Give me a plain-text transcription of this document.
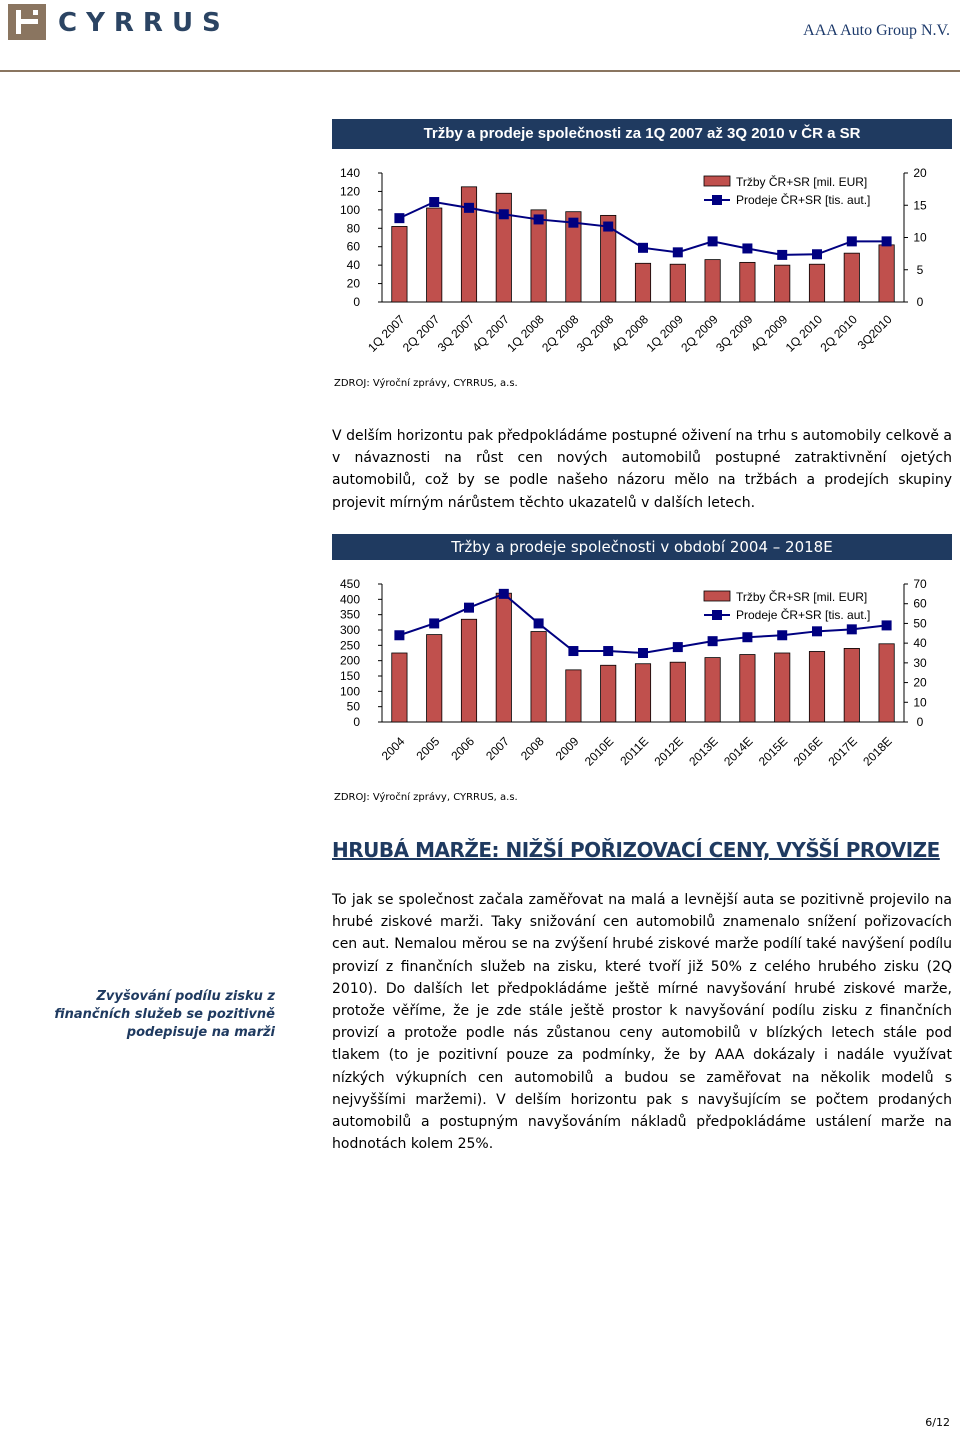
CYRRUS	AAA Auto Group N.V.
Tržby a prodeje společnosti za 1Q 2007 až 3Q 2010 v ČR a SR
0
20
40
60
80
100
120
140
0
5
10
15
20
1Q 2007
2Q 2007
3Q 2007
4Q 2007
1Q 2008
2Q 2008
3Q 2008
4Q 2008
1Q 2009
2Q 2009
3Q 2009
4Q 2009
1Q 2010
2Q 2010
3Q2010
Tržby ČR+SR [mil. EUR]
Prodeje ČR+SR [tis. aut.]
ZDROJ: Výroční zprávy, CYRRUS, a.s.
V delším horizontu pak předpokládáme postupné oživení na trhu s automobily celkově a v návaznosti na růst cen nových automobilů postupné zatraktivnění ojetých automobilů, což by se podle našeho názoru mělo na tržbách a prodejích skupiny projevit mírným nárůstem těchto ukazatelů v dalších letech.
Tržby a prodeje společnosti v období 2004 – 2018E
0
50
100
150
200
250
300
350
400
450
0
10
20
30
40
50
60
70
2004 2005 2006 2007 2008 2009 2010E 2011E 2012E 2013E 2014E 2015E 2016E 2017E 2018E
Tržby ČR+SR [mil. EUR]
Prodeje ČR+SR [tis. aut.]
ZDROJ: Výroční zprávy, CYRRUS, a.s.
HRUBÁ MARŽE: NIŽŠÍ POŘIZOVACÍ CENY, VYŠŠÍ PROVIZE
Zvyšování podílu zisku z finančních služeb se pozitivně podepisuje na marži
To jak se společnost začala zaměřovat na malá a levnější auta se pozitivně projevilo na hrubé ziskové marži. Taky snižování cen automobilů znamenalo snížení pořizovacích cen aut. Nemalou měrou se na zvýšení hrubé ziskové marže podílí také navýšení podílu provizí z finančních služeb na zisku, které tvoří již 50% z celého hrubého zisku (2Q 2010). Do dalších let předpokládáme ještě mírné navyšování hrubé ziskové marže, protože věříme, že je zde stále ještě prostor k navyšování podílu zisku z finančních provizí a protože podle nás zůstanou ceny automobilů v blízkých letech stále pod tlakem (to je pozitivní pouze za podmínky, že by AAA dokázaly i nadále využívat nízkých výkupních cen automobilů a budou se zaměřovat na několik modelů s nejvyššími maržemi). V delším horizontu pak s navyšujícím se počtem prodaných automobilů a postupným navyšováním nákladů předpokládáme ustálení marže na hodnotách kolem 25%.
6/12
